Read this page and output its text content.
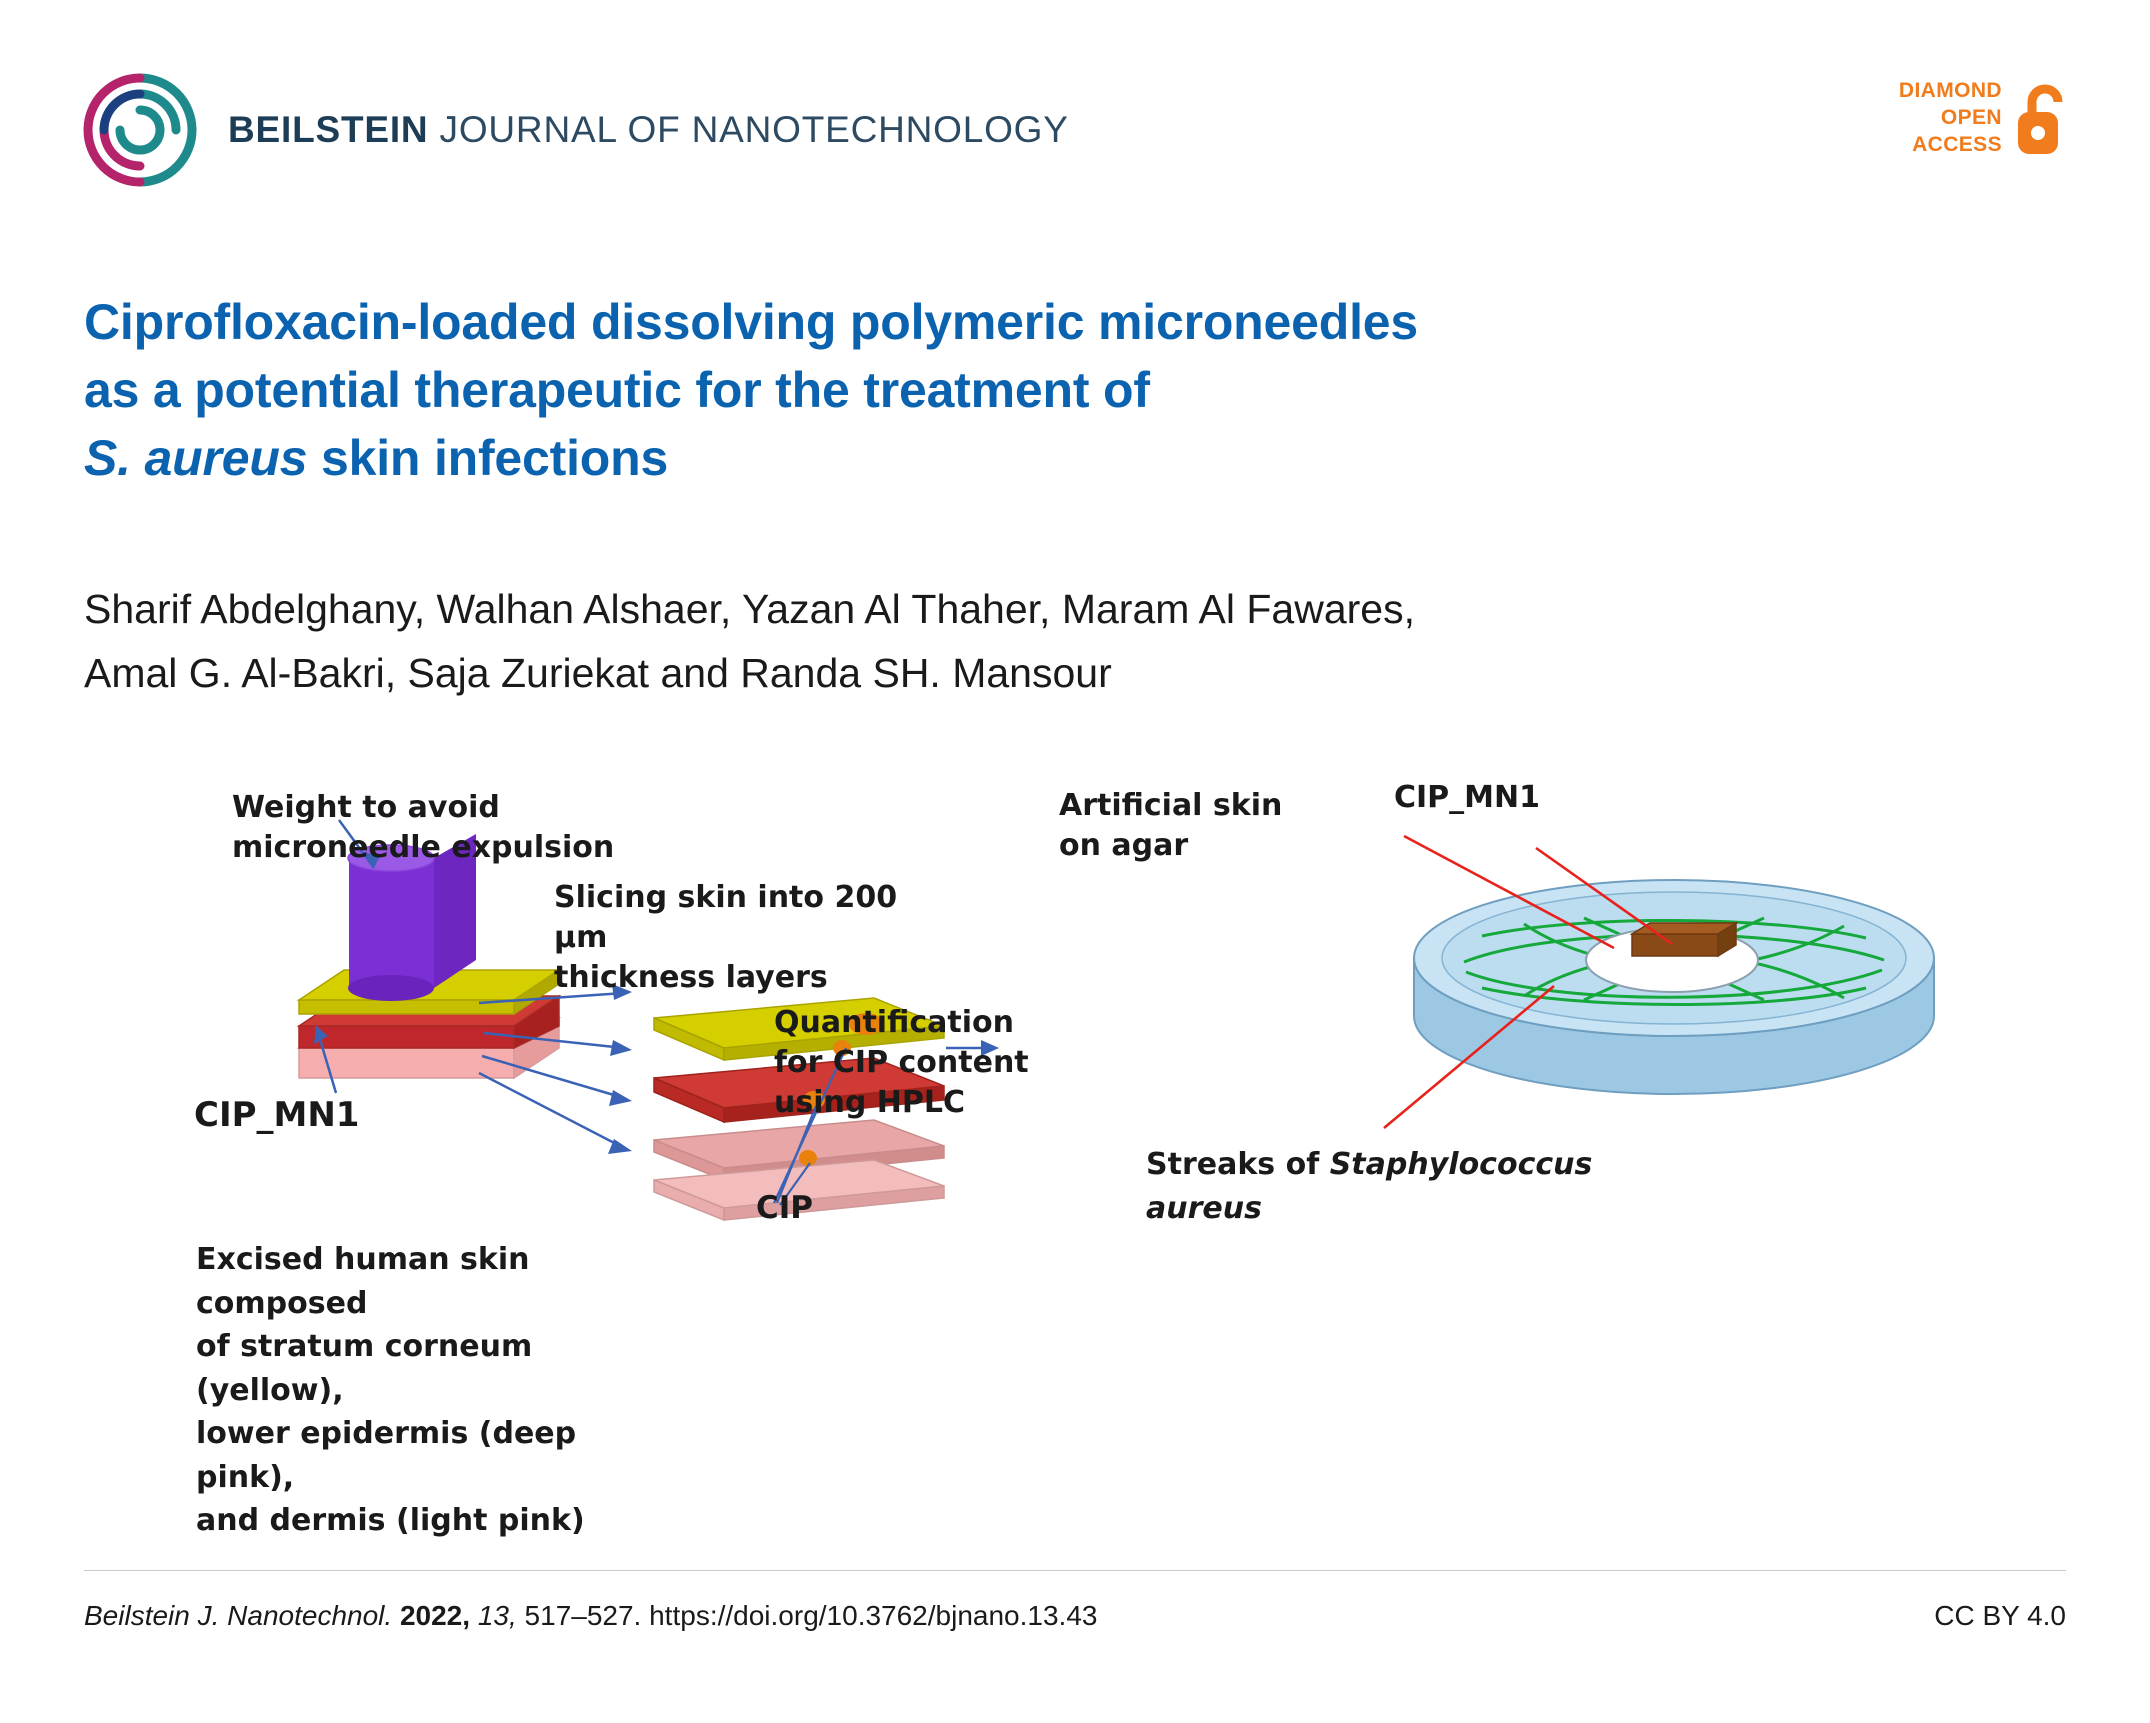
BEILSTEIN JOURNAL OF NANOTECHNOLOGY
DIAMOND
OPEN
ACCESS
Ciprofloxacin-loaded dissolving polymeric microneedles
as a potential therapeutic for the treatment of
S. aureus skin infections
Sharif Abdelghany, Walhan Alshaer, Yazan Al Thaher, Maram Al Fawares,
Amal G. Al-Bakri, Saja Zuriekat and Randa SH. Mansour
Weight to avoid
microneedle expulsion
Slicing skin into 200 µm
thickness layers
Quantification
for CIP content
using HPLC
CIP_MN1
CIP
Excised human skin composed
of stratum corneum (yellow),
lower epidermis (deep pink),
and dermis (light pink)
Artificial skin
on agar
CIP_MN1
Streaks of Staphylococcus
aureus
Beilstein J. Nanotechnol. 2022, 13, 517–527. https://doi.org/10.3762/bjnano.13.43	CC BY 4.0
